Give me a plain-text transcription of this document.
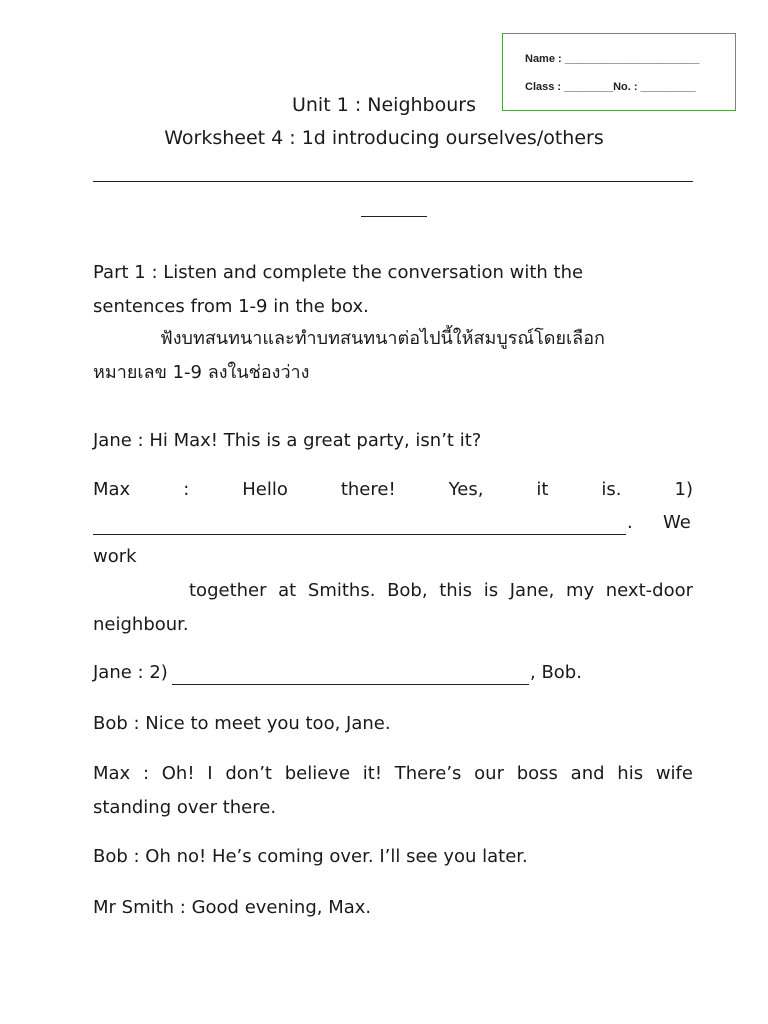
Name : ______________________
Class : ________No. : _________
Unit 1 : Neighbours
Worksheet 4 : 1d introducing ourselves/others
Part 1 : Listen and complete the conversation with the
sentences from 1-9 in the box.
ฟังบทสนทนาและทำบทสนทนาต่อไปนี้ให้สมบูรณ์โดยเลือก
หมายเลข 1-9 ลงในช่องว่าง
Jane : Hi Max! This is a great party, isn’t it?
Max	:	Hello	there!	Yes,	it	is.	1)
. We
work
together at Smiths. Bob, this is Jane, my next-door
neighbour.
Jane : 2)	, Bob.
Bob : Nice to meet you too, Jane.
Max : Oh! I don’t believe it! There’s our boss and his wife
standing over there.
Bob : Oh no! He’s coming over. I’ll see you later.
Mr Smith : Good evening, Max.
